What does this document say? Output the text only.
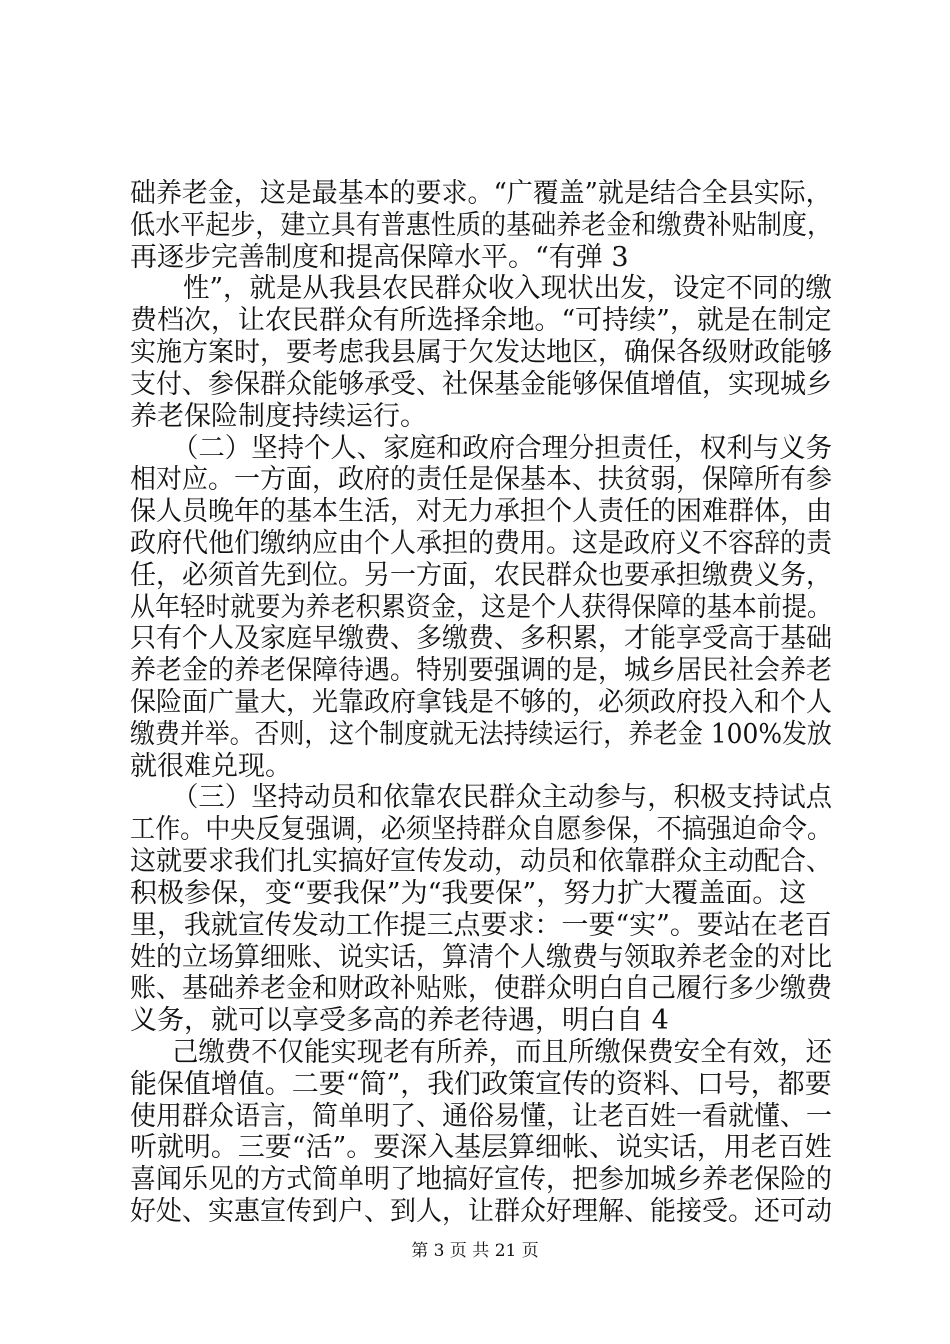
础养老金，这是最基本的要求。“广覆盖”就是结合全县实际，
低水平起步，建立具有普惠性质的基础养老金和缴费补贴制度，
再逐步完善制度和提高保障水平。“有弹 3
性”，就是从我县农民群众收入现状出发，设定不同的缴
费档次，让农民群众有所选择余地。“可持续”，就是在制定
实施方案时，要考虑我县属于欠发达地区，确保各级财政能够
支付、参保群众能够承受、社保基金能够保值增值，实现城乡
养老保险制度持续运行。
（二）坚持个人、家庭和政府合理分担责任，权利与义务
相对应。一方面，政府的责任是保基本、扶贫弱，保障所有参
保人员晚年的基本生活，对无力承担个人责任的困难群体，由
政府代他们缴纳应由个人承担的费用。这是政府义不容辞的责
任，必须首先到位。另一方面，农民群众也要承担缴费义务，
从年轻时就要为养老积累资金，这是个人获得保障的基本前提。
只有个人及家庭早缴费、多缴费、多积累，才能享受高于基础
养老金的养老保障待遇。特别要强调的是，城乡居民社会养老
保险面广量大，光靠政府拿钱是不够的，必须政府投入和个人
缴费并举。否则，这个制度就无法持续运行，养老金 100%发放
就很难兑现。
（三）坚持动员和依靠农民群众主动参与，积极支持试点
工作。中央反复强调，必须坚持群众自愿参保，不搞强迫命令。
这就要求我们扎实搞好宣传发动，动员和依靠群众主动配合、
积极参保，变“要我保”为“我要保”，努力扩大覆盖面。这
里，我就宣传发动工作提三点要求：一要“实”。要站在老百
姓的立场算细账、说实话，算清个人缴费与领取养老金的对比
账、基础养老金和财政补贴账，使群众明白自己履行多少缴费
义务，就可以享受多高的养老待遇，明白自 4
己缴费不仅能实现老有所养，而且所缴保费安全有效，还
能保值增值。二要“简”，我们政策宣传的资料、口号，都要
使用群众语言，简单明了、通俗易懂，让老百姓一看就懂、一
听就明。三要“活”。要深入基层算细帐、说实话，用老百姓
喜闻乐见的方式简单明了地搞好宣传，把参加城乡养老保险的
好处、实惠宣传到户、到人，让群众好理解、能接受。还可动
第 3 页 共 21 页
